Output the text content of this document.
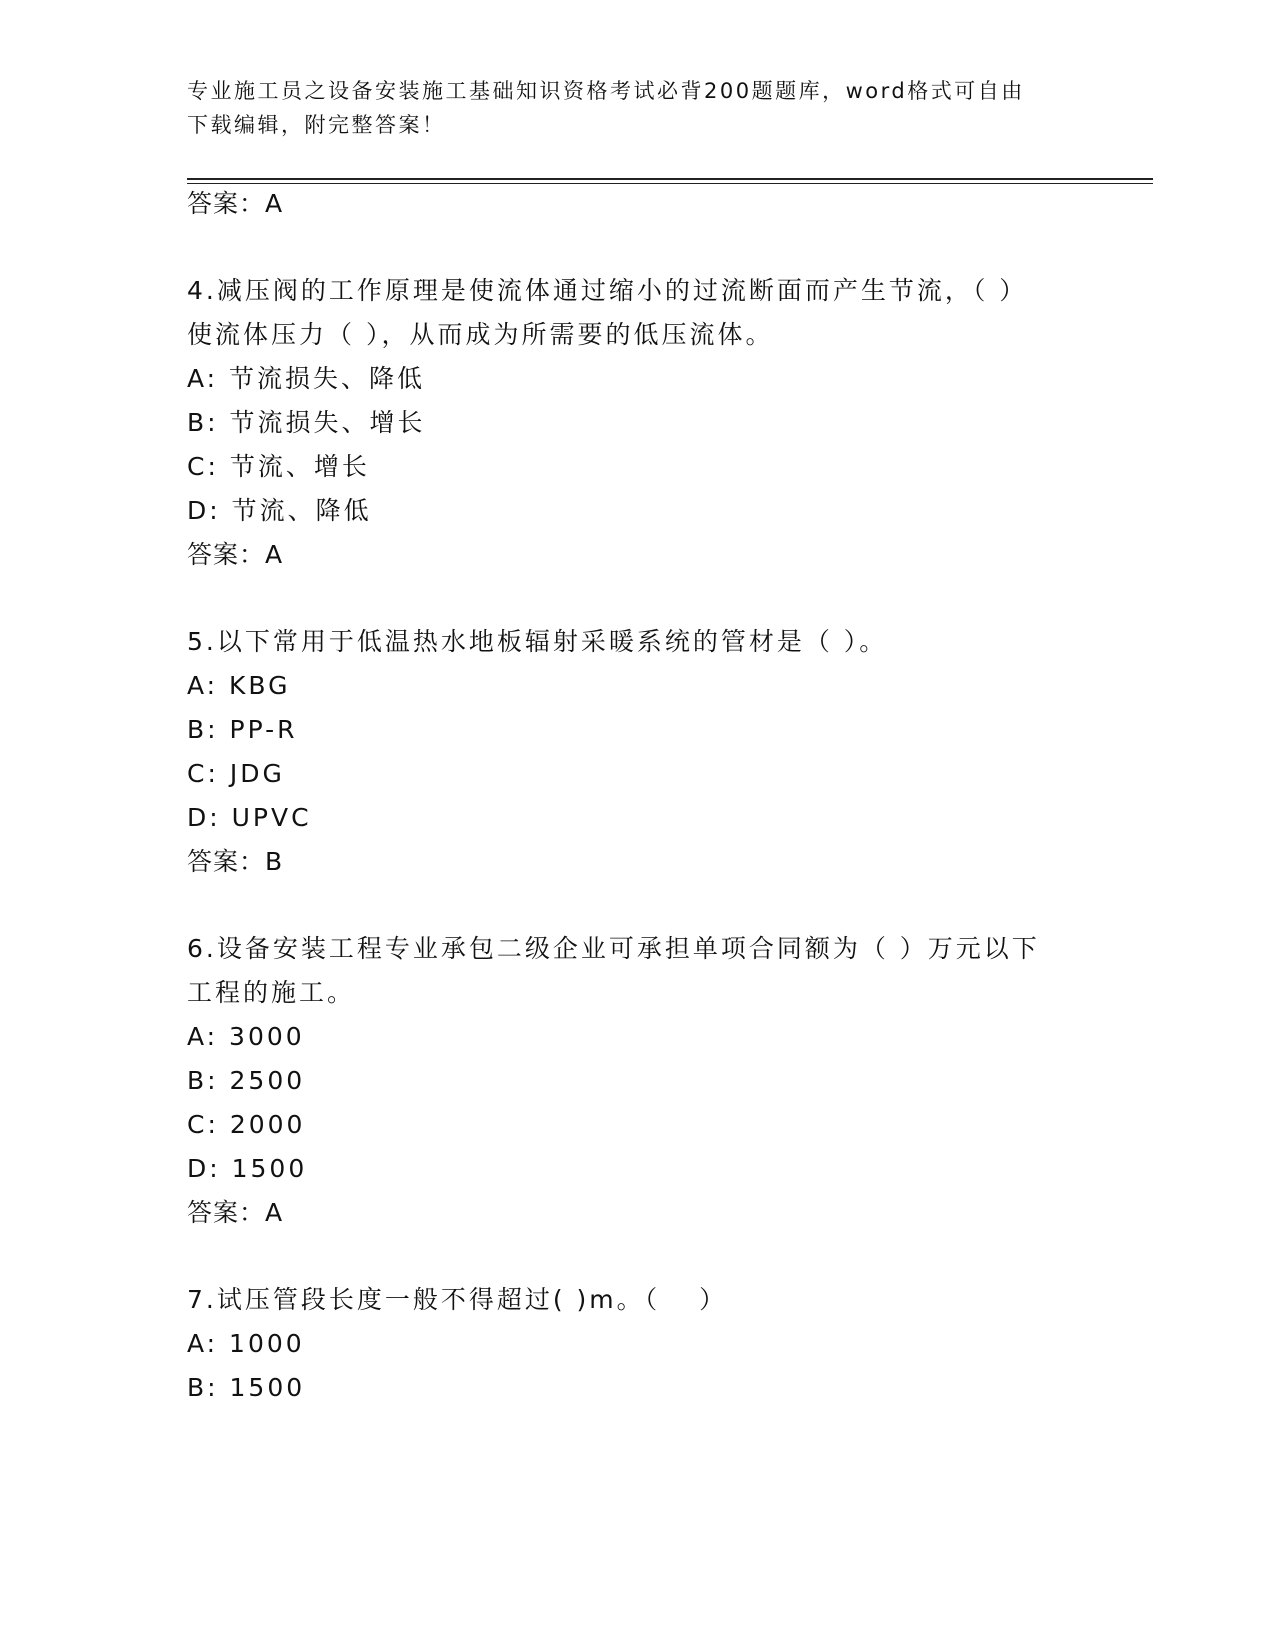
专业施工员之设备安装施工基础知识资格考试必背200题题库，word格式可自由
下载编辑，附完整答案！
答案：A
4.减压阀的工作原理是使流体通过缩小的过流断面而产生节流，（ ）
使流体压力（ ），从而成为所需要的低压流体。
A: 节流损失、降低
B: 节流损失、增长
C: 节流、增长
D: 节流、降低
答案：A
5.以下常用于低温热水地板辐射采暖系统的管材是（ ）。
A: KBG
B: PP-R
C: JDG
D: UPVC
答案：B
6.设备安装工程专业承包二级企业可承担单项合同额为（ ）万元以下
工程的施工。
A: 3000
B: 2500
C: 2000
D: 1500
答案：A
7.试压管段长度一般不得超过( )m。（　 ）
A: 1000
B: 1500
